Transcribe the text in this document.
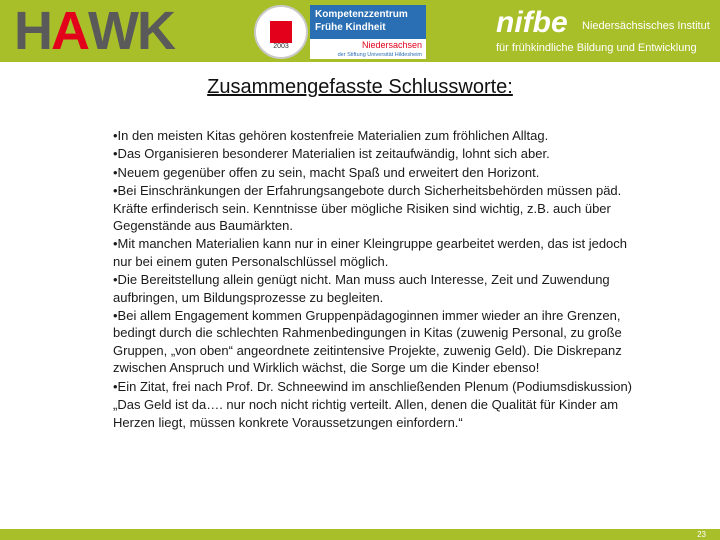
H A WK	2003
Kompetenzzentrum
Frühe Kindheit
Niedersachsen
der Stiftung Universität Hildesheim
nifbe Niedersächsisches Institut
für frühkindliche Bildung und Entwicklung
Zusammengefasste Schlussworte:

•In den meisten Kitas gehören kostenfreie Materialien zum fröhlichen Alltag.

•Das Organisieren besonderer Materialien ist zeitaufwändig, lohnt sich aber.

•Neuem gegenüber offen zu sein, macht Spaß und erweitert den Horizont.

•Bei Einschränkungen der Erfahrungsangebote durch Sicherheitsbehörden müssen päd. Kräfte erfinderisch sein. Kenntnisse über mögliche Risiken sind wichtig, z.B. auch über Gegenstände aus Baumärkten.

•Mit manchen Materialien kann nur in einer Kleingruppe gearbeitet werden, das ist jedoch nur bei einem guten Personalschlüssel möglich.

•Die Bereitstellung allein genügt nicht. Man muss auch Interesse, Zeit und Zuwendung aufbringen, um Bildungsprozesse zu begleiten.

•Bei allem Engagement kommen Gruppenpädagoginnen immer wieder an ihre Grenzen, bedingt durch die schlechten Rahmenbedingungen in Kitas (zuwenig Personal, zu große Gruppen, „von oben“ angeordnete zeitintensive Projekte, zuwenig Geld). Die Diskrepanz zwischen Anspruch und Wirklich wächst, die Sorge um die Kinder ebenso!

•Ein Zitat, frei nach Prof. Dr. Schneewind im anschließenden Plenum (Podiumsdiskussion)

„Das Geld ist da…. nur noch nicht richtig verteilt. Allen, denen die Qualität für Kinder am Herzen liegt, müssen konkrete Voraussetzungen einfordern.“

23
